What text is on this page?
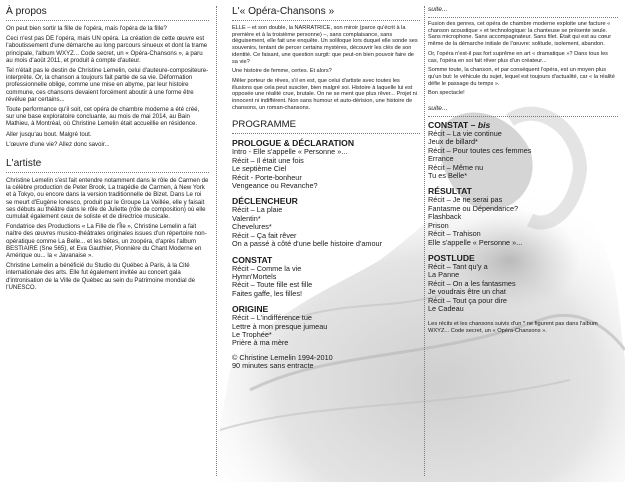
À propos

On peut bien sortir la fille de l'opéra, mais l'opéra de la fille?

Ceci n'est pas DE l'opéra, mais UN opéra. La création de cette œuvre est l'aboutissement d'une démarche au long parcours sinueux et dont la trame principale, l'album WXYZ... Code secret, un « Opéra-Chansons », a paru au mois d'août 2011, et produit à compte d'auteur.

Tel n'était pas le destin de Christine Lemelin, celui d'auteure-compositeure-interprète. Or, la chanson a toujours fait partie de sa vie. Déformation professionnelle oblige, comme une mise en abyme, par leur histoire commune, ces chansons devaient forcément aboutir à une forme être révélue par certains...

Toute performance qu'il soit, cet opéra de chambre moderne a été créé, sur une base exploratoire concluante, au mois de mai 2014, au Bain Mathieu, à Montréal, où Christine Lemelin était accueillie en résidence.

Aller jusqu'au bout. Malgré tout.

L'œuvre d'une vie? Allez donc savoir...

L'artiste

Christine Lemelin s'est fait entendre notamment dans le rôle de Carmen de la célèbre production de Peter Brook, La tragédie de Carmen, à New York et à Tokyo, ou encore dans la version traditionnelle de Bizet. Dans Le roi se meurt d'Eugène Ionesco, produit par le Groupe La Veillée, elle y faisait ses débuts au théâtre dans le rôle de Juliette (rôle de composition) où elle cumulait également ceux de soliste et de directrice musicale.

Fondatrice des Productions « La Fille de l'Île », Christine Lemelin a fait naître des œuvres musico-théâtrales originales issues d'un répertoire non-opératique comme La Belle... et les bêtes, un zoopéra, d'après l'album BESTIAIRE (Sne 565), et Eva Gauthier, Pionnière du Chant Moderne en Amérique ou... la « Javanaise ».

Christine Lemelin a bénéficié du Studio du Québec à Paris, à la Cité internationale des arts. Elle fut également invitée au concert gala d'intronisation de la Ville de Québec au sein du Patrimoine mondial de l'UNESCO.

L'« Opéra-Chansons »

ELLE – et son double, la NARRATRICE, son miroir (parce qu'écrit à la première et à la troisième personne) –, sans complaisance, sans déguisement, elle fait une enquête. Un soliloque lors duquel elle sonde ses souvenirs, tentant de percer certains mystères, découvrir les clés de son identité. Ce faisant, une question surgit: que peut-on bien pouvoir faire de sa vie?

Une histoire de femme, certes. Et alors?

Mêler porteur de rêves, s'il en est, que celui d'artiste avec toutes les illusions que cela peut susciter, bien malgré soi. Histoire à laquelle lui est opposée une réalité crue, brutale. On ne se ment que plus rêver... Projet ni innocent ni indifférent. Non sans humour et auto-dérision, une histoire de chansons, un roman-chansons.

PROGRAMME
PROLOGUE & DÉCLARATION
Intro - Elle s'appelle « Personne »...
Récit – Il était une fois
Le septième Ciel
Récit - Porte-bonheur
Vengeance ou Revanche?
DÉCLENCHEUR
Récit – La plaie
Valentin*
Chevelures*
Récit – Ça fait rêver
On a passé à côté d'une belle histoire d'amour
CONSTAT
Récit – Comme la vie
Hymn'Mortels
Récit – Toute fille est fille
Faites gaffe, les filles!
ORIGINE
Récit – L'indifférence tue
Lettre à mon presque jumeau
Le Trophée*
Prière à ma mère
© Christine Lemelin 1994-2010
90 minutes sans entracte
suite...

Fusion des genres, cet opéra de chambre moderne exploite une facture « chanson acoustique » et technologique: la chanteuse se présente seule. Sans microphone. Sans accompagnateur. Sans filet. Était qui est au cœur même de la démarche initiale de l'œuvre: solitude, isolement, abandon.

Or, l'opéra n'est-il pas fort suprême en art « dramatique »? Dans tous les cas, l'opéra en soi fait rêver plus d'un créateur...

Somme toute, la chanson, et par conséquent l'opéra, est un moyen plus qu'un but: le véhicule du sujet, lequel est toujours d'actualité, car « la réalité défie le passage du temps ».

Bon spectacle!

suite...
CONSTAT – bis
Récit – La vie continue
Jeux de billard*
Récit – Pour toutes ces femmes
Errance
Récit – Même nu
Tu es Belle*
RÉSULTAT
Récit – Je ne serai pas
Fantasme ou Dépendance?
Flashback
Prison
Récit – Trahison
Elle s'appelle « Personne »...
POSTLUDE
Récit – Tant qu'y a
La Panne
Récit – On a les fantasmes
Je voudrais être un chat
Récit – Tout ça pour dire
Le Cadeau

Les récits et les chansons suivis d'un * ne figurent pas dans l'album WXYZ... Code secret, un « Opéra-Chansons ».
